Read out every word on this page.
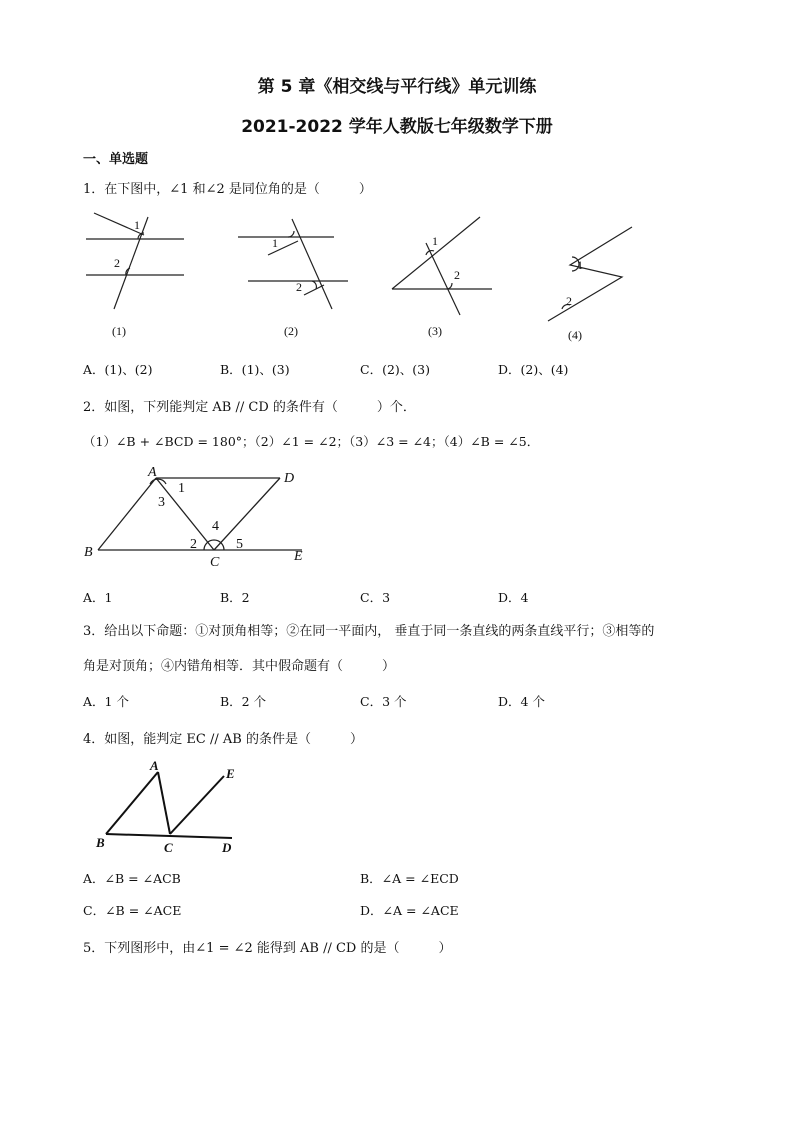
第 5 章《相交线与平行线》单元训练
2021-2022 学年人教版七年级数学下册
一、单选题
1．在下图中，∠1 和∠2 是同位角的是（　　　）
1
2
(1)
1
2
(2)
1
2
(3)
1
2
(4)
A．(1)、(2)	B．(1)、(3)	C．(2)、(3)	D．(2)、(4)
2．如图，下列能判定 AB // CD 的条件有（　　　）个．
（1）∠B + ∠BCD = 180°；（2）∠1 = ∠2；（3）∠3 = ∠4；（4）∠B = ∠5．
A	D
B
C	E
1
2
3
4
5
A．1	B．2	C．3	D．4
3．给出以下命题：①对顶角相等；②在同一平面内， 垂直于同一条直线的两条直线平行；③相等的
角是对顶角；④内错角相等．其中假命题有（　　　）
A．1 个	B．2 个	C．3 个	D．4 个
4．如图，能判定 EC // AB 的条件是（　　　）
A
E
B	C	D
A．∠B = ∠ACB	B．∠A = ∠ECD
C．∠B = ∠ACE	D．∠A = ∠ACE
5．下列图形中，由∠1 = ∠2 能得到 AB // CD 的是（　　　）
